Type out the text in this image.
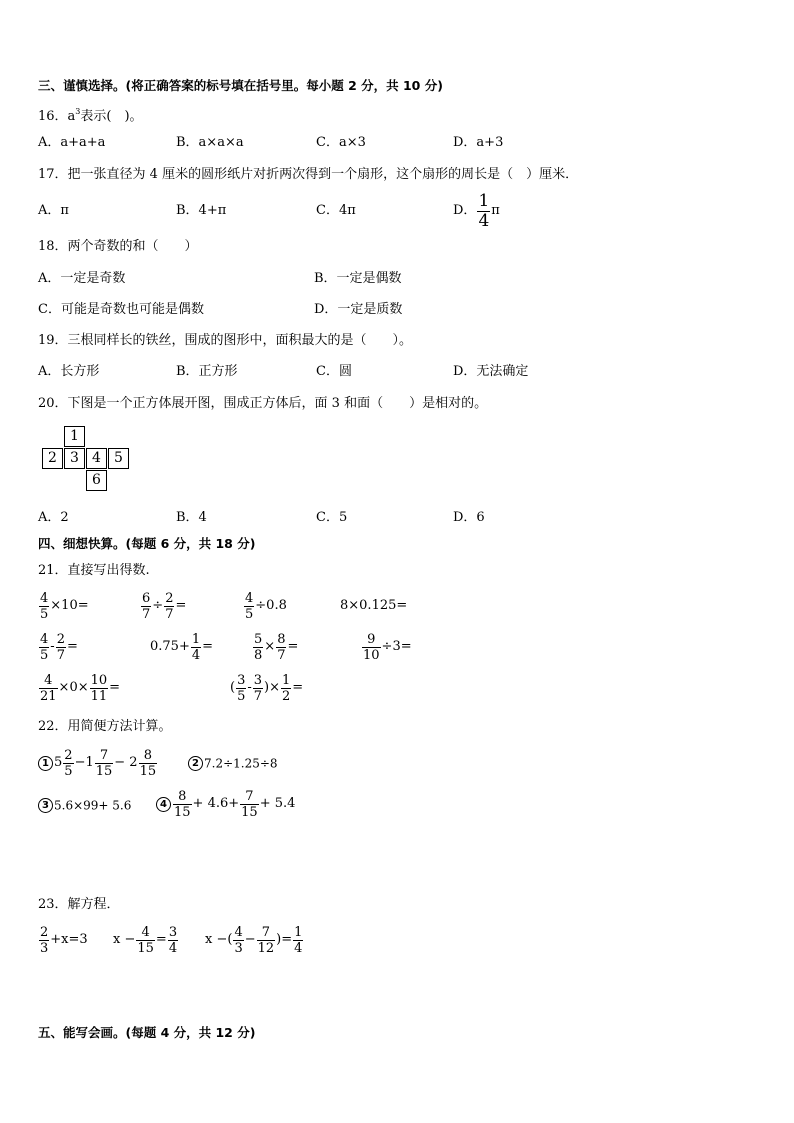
三、谨慎选择。(将正确答案的标号填在括号里。每小题 2 分，共 10 分)
16．$a^3$表示(　)。
A．a+a+a	B．a×a×a	C．a×3	D．a+3
17．把一张直径为 4 厘米的圆形纸片对折两次得到一个扇形，这个扇形的周长是（　）厘米．
A．π	B．4+π	C．4π	D． $\frac{1}{4}$ π
18．两个奇数的和（　　）
A．一定是奇数	B．一定是偶数
C．可能是奇数也可能是偶数	D．一定是质数
19．三根同样长的铁丝，围成的图形中，面积最大的是（　　）。
A．长方形	B．正方形	C．圆	D．无法确定
20．下图是一个正方体展开图，围成正方体后，面 3 和面（　　）是相对的。
1
2 3 4 5
6
A．2	B．4	C．5	D．6
四、细想快算。(每题 6 分，共 18 分)
21．直接写出得数.
$\frac{4}{5} \times 10=$	$\frac{6}{7} \div \frac{2}{7}$ =	$\frac{4}{5} \div 0.8$	8×0.125=
$\frac{4}{5} - \frac{2}{7}$ =	$0.75+ \frac{1}{4}$ =	$\frac{5}{8} \times \frac{8}{7}$ =	$\frac{9}{10} \div 3=$
$\frac{4}{21} \times 0\times \frac{10}{11}$ =	( $\frac{3}{5} - \frac{3}{7}$ )× $\frac{1}{2}$ =
22．用简便方法计算。
1 $5 \frac{2}{5} -1 \frac{7}{15} - 2 \frac{8}{15}$	2 7.2÷1.25÷8
3 5.6×99+ 5.6	$4 \frac{8}{15} + 4.6+ \frac{7}{15} + 5.4$
23．解方程．
$\frac{2}{3} +x=3$ $x - \frac{4}{15} = \frac{3}{4}$ x −( $\frac{4}{3} - \frac{7}{12}$ )= $\frac{1}{4}$
五、能写会画。(每题 4 分，共 12 分)
